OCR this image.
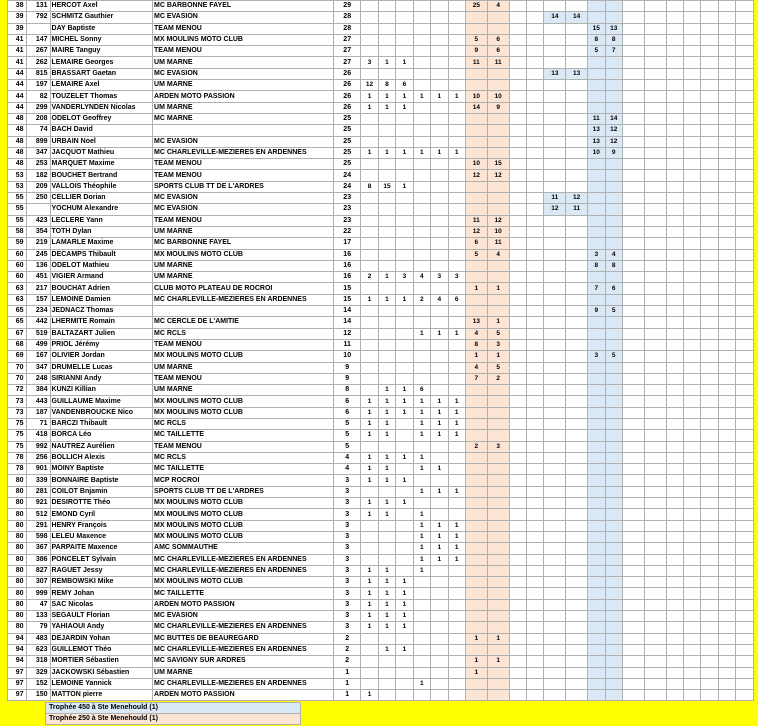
38	131	HERCOT Axel	MC BARBONNE FAYEL	29							25	4													
39	792	SCHMITZ Gauthier	MC EVASION	28											14	14									
39		DAY Baptiste	TEAM MENOU	28													15	13							
41	147	MICHEL Sonny	MX MOULINS MOTO CLUB	27							5	6					8	8							
41	267	MAIRE Tanguy	TEAM MENOU	27							9	6					5	7							
41	262	LEMAIRE Georges	UM MARNE	27	3	1	1				11	11													
44	815	BRASSART Gaetan	MC EVASION	26											13	13									
44	197	LEMAIRE Axel	UM MARNE	26	12	8	6																		
44	82	TOUZELET Thomas	ARDEN MOTO PASSION	26	1	1	1	1	1	1	10	10													
44	299	VANDERLYNDEN Nicolas	UM MARNE	26	1	1	1				14	9													
48	208	ODELOT Geoffrey	MC MARNE	25													11	14							
48	74	BACH David		25													13	12							
48	899	URBAIN Noel	MC EVASION	25													13	12							
48	347	JACQUOT Mathieu	MC CHARLEVILLE-MEZIERES EN ARDENNES	25	1	1	1	1	1	1							10	9							
48	253	MARQUET Maxime	TEAM MENOU	25							10	15													
53	182	BOUCHET Bertrand	TEAM MENOU	24							12	12													
53	209	VALLOIS Théophile	SPORTS CLUB TT DE L'ARDRES	24	8	15	1																		
55	250	CELLIER Dorian	MC EVASION	23											11	12									
55		YOCHUM Alexandre	MC EVASION	23											12	11									
55	423	LECLERE Yann	TEAM MENOU	23							11	12													
58	354	TOTH Dylan	UM MARNE	22							12	10													
59	219	LAMARLE Maxime	MC BARBONNE FAYEL	17							6	11													
60	245	DECAMPS Thibault	MX MOULINS MOTO CLUB	16							5	4					3	4							
60	136	ODELOT Mathieu	UM MARNE	16													8	8							
60	451	VIGIER Armand	UM MARNE	16	2	1	3	4	3	3															
63	217	BOUCHAT Adrien	CLUB MOTO PLATEAU DE ROCROI	15							1	1					7	6							
63	157	LEMOINE Damien	MC CHARLEVILLE-MEZIERES EN ARDENNES	15	1	1	1	2	4	6															
65	234	JEDNACZ Thomas		14													9	5							
65	442	LHERMITE Romain	MC CERCLE DE L'AMITIE	14							13	1													
67	519	BALTAZART Julien	MC RCLS	12				1	1	1	4	5													
68	499	PRIOL Jérémy	TEAM MENOU	11							8	3													
69	167	OLIVIER Jordan	MX MOULINS MOTO CLUB	10							1	1					3	5							
70	347	DRUMELLE Lucas	UM MARNE	9							4	5													
70	248	SIRIANNI Andy	TEAM MENOU	9							7	2													
72	384	KUNZI Killian	UM MARNE	8		1	1	6																	
73	443	GUILLAUME Maxime	MX MOULINS MOTO CLUB	6	1	1	1	1	1	1															
73	187	VANDENBROUCKE Nico	MX MOULINS MOTO CLUB	6	1	1	1	1	1	1															
75	71	BARCZI Thibault	MC RCLS	5	1	1		1	1	1															
75	418	BORCA Léo	MC TAILLETTE	5	1	1		1	1	1															
75	992	NAUTREZ Aurélien	TEAM MENOU	5							2	3													
78	256	BOLLICH Alexis	MC RCLS	4	1	1	1	1																	
78	901	MOINY Baptiste	MC TAILLETTE	4	1	1		1	1																
80	339	BONNAIRE Baptiste	MCP ROCROI	3	1	1	1																		
80	281	COILOT Bnjamin	SPORTS CLUB TT DE L'ARDRES	3				1	1	1															
80	921	DESIROTTE Théo	MX MOULINS MOTO CLUB	3	1	1	1																		
80	512	EMOND Cyril	MX MOULINS MOTO CLUB	3	1	1		1																	
80	291	HENRY François	MX MOULINS MOTO CLUB	3				1	1	1															
80	598	LELEU Maxence	MX MOULINS MOTO CLUB	3				1	1	1															
80	367	PARPAITE Maxence	AMC SOMMAUTHE	3				1	1	1															
80	386	PONCELET Sylvain	MC CHARLEVILLE-MEZIERES EN ARDENNES	3				1	1	1															
80	827	RAGUET Jessy	MC CHARLEVILLE-MEZIERES EN ARDENNES	3	1	1		1																	
80	307	REMBOWSKI Mike	MX MOULINS MOTO CLUB	3	1	1	1																		
80	999	REMY Johan	MC TAILLETTE	3	1	1	1																		
80	47	SAC Nicolas	ARDEN MOTO PASSION	3	1	1	1																		
80	133	SEGAULT Florian	MC EVASION	3	1	1	1																		
80	79	YAHIAOUI Andy	MC CHARLEVILLE-MEZIERES EN ARDENNES	3	1	1	1																		
94	483	DEJARDIN Yohan	MC BUTTES DE BEAUREGARD	2							1	1													
94	623	GUILLEMOT Théo	MC CHARLEVILLE-MEZIERES EN ARDENNES	2		1	1																		
94	318	MORTIER Sébastien	MC SAVIGNY SUR ARDRES	2							1	1													
97	329	JACKOWSKI Sébastien	UM MARNE	1							1														
97	152	LEMOINE Yannick	MC CHARLEVILLE-MEZIERES EN ARDENNES	1				1																	
97	150	MATTON pierre	ARDEN MOTO PASSION	1	1																				
Trophée 450 à Ste Menehould (1)
Trophée 250 à Ste Menehould (1)
